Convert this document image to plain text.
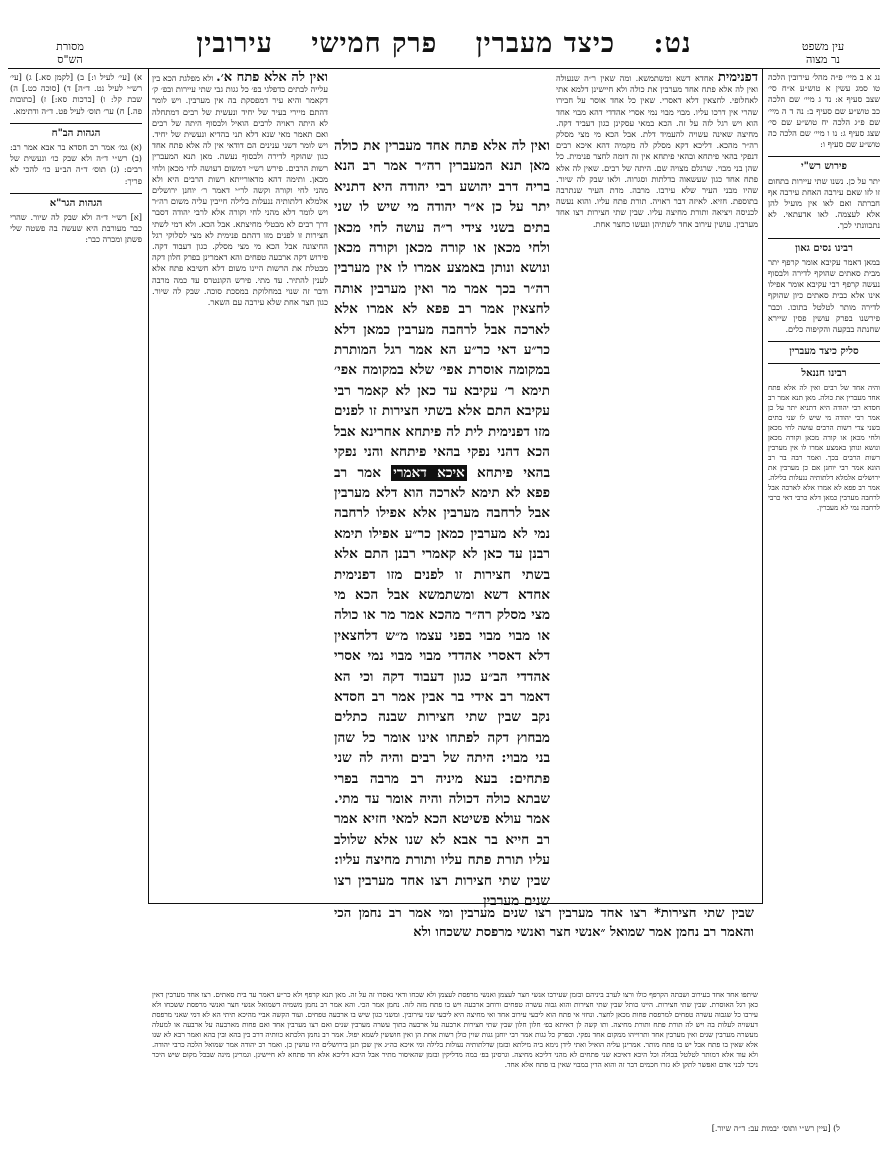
מסורת
הש"ס
נט: כיצד מעברין פרק חמישי עירובין	עין משפט
נר מצוה
נג א ב מיי׳ פ״ה מהל׳ עירובין הלכה טו סמג עשין א טוש״ע א״ח סי׳ שצב סעיף א: נד ג מיי׳ שם הלכה כב טוש״ע שם סעיף ב: נה ד ה מיי׳ שם פ״ג הלכה יח טוש״ע שם סי׳ שצג סעיף ג: נו ו מיי׳ שם הלכה כה טוש״ע שם סעיף ו:
פירוש רש"י
יתר על כן. נשנו שתי עיירות בתחום זו לזו שאם עירבה האחת עירבה אף חברתה ואם לאו אין מועיל להן אלא לעצמה. לאו אדעתאי. לא נתכוונתי לכך.
רבינו נסים גאון
במאן דאמר עקיבא אומר קרפף יתר מבית סאתים שהוקף לדירה ולבסוף נעשה קרפף רבי עקיבא אומר אפילו אינו אלא כבית סאתים כיון שהוקף לדירה מותר לטלטל בתוכו. וכבר פירשנו בפרק עושין פסין שיירא שחנתה בבקעה והקיפוה כלים.
סליק כיצד מעברין
רבינו חננאל
והיה אחד של רבים ואין לה אלא פתח אחד מעברין את כולה. מאן תנא אמר רב חסדא רבי יהודה היא דתניא יתר על כן אמר רבי יהודה מי שיש לו שני בתים בשני צדי רשות הרבים עושה לחי מכאן ולחי מכאן או קורה מכאן וקורה מכאן ונושא ונותן באמצע אמרו לו אין מערבין רשות הרבים בכך. ואמר רבה בר רב הונא אמר רבי יוחנן אם כן מערבין את ירושלים אלמלא דלתותיה ננעלות בלילה. אמר רב פפא לא אמרו אלא לארכה אבל לרחבה מערבין כמאן דלא כרבי דאי כרבי לרחבה נמי לא מעברין.
א) [עי׳ לעיל ו:] ב) [לקמן סא.] ג) [עי׳ רש״י לעיל נט. ד״ה] ד) [סוכה כט.] ה) שבת קל: ו) [ברכות סא:] ז) [כתובות פה.] ח) ער׳ תוס׳ לעיל פט. ד״ה ודתימא.
הגהות הב"ח
(א) גמ׳ אמר רב חסדא בר אבא אמר רב: (ב) רש״י ד״ה ולא שבק כו׳ ונעשית של רבים: (ג) תוס׳ ד״ה הב״ע כו׳ להכי לא פריך:
הגהות הגר"א
[א] רש״י ד״ה ולא שבק לה שיור. שהרי כבר מעורבת היא שעשה בה פשטה שלי פשתן ומכרה כבר:
דפנימית אחדא דשא ומשתמשא. ומה שאין ר״ה שנעולה ואין לה אלא פתח אחד מערבין את כולה ולא חיישינן דלמא אתי לאחלופי. לחצאין דלא דאסרי. שאין כל אחד אוסר על חבירו שהרי אין דרכו עליו. מבוי מבוי נמי אסרי אהדדי דהא מבוי אחד הוא ויש רגל לזה על זה. הכא במאי עסקינן כגון דעביד דקה. מחיצה שאינה עשויה להעמיד דלת. אבל הכא מי מצי מסלק רה״ר מהכא. דליכא דקא מסלק לה מקמיה דהא איכא רבים דנפקי בהאי פיתחא ובהאי פיתחא אין זה דומה לחצר פנימית. כל שהן בני מבוי. שרגלם מצויה שם. היתה של רבים. שאין לה אלא פתח אחד כגון שעשאוה בדלתות וסגרוה. ולאו שבק לה שיור. שהיו מבני העיר שלא עירבו. מרבה. מדת העיר שנתרבה בתוספת. חזיא. לאיזה דבר ראויה. תורת פתח עליו. והוא נעשה לכניסה ויציאה ותורת מחיצה עליו. שבין שתי חצירות רצו אחד מערבין. עושין עירוב אחד לשתיהן ונעשו כחצר אחת.
ואין לה אלא פתח א׳. ולא מפלגת הכא בין עלייה לבתים כדפלגי בפ׳ כל גגות גבי שתי עיירות ובפ׳ ק׳ דקאמר והיא עיר דמפסקת בה אין מערבין. ויש לומר דהתם מיירי בעיר של יחיד ונעשית של רבים דמתחלה לא היתה ראויה לרבים הואיל ולבסוף היתה של רבים ואם תאמר מאי שנא דלא תני בהדיא ונעשית של יחיד. ויש לומר דשני ענינים הם דודאי אין לה אלא פתח אחד כגון שהוקף לדירה ולבסוף נעשה. מאן תנא המעברין רשות הרבים. פירש רש״י דמשום דעושה לחי מכאן ולחי מכאן. ותימה דהא מדאורייתא רשות הרבים היא ולא מהני לחי וקורה וקשה לר״י דאמר ר׳ יוחנן ירושלים אלמלא דלתותיה ננעלות בלילה חייבין עליה משום רה״ר ויש לומר דלא מהני לחי וקורה אלא לרבי יהודה דסבר דרך רבים לא מבטלי מחיצתא. אבל הכא. ולא דמי לשתי חצירות זו לפנים מזו דהתם פנימית לא מצי לסלוקי רגל החיצונה אבל הכא מי מצי מסלק. כגון דעבוד דקה. פירוש דקה ארבעה טפחים והא דאמרינן בפרק חלון דקה מבטלת את הרשות היינו משום דלא חשיבא פתח אלא לענין להתיר. עד מתי. פירש הקונטרס עד כמה מרבה ודבר זה שנוי במחלוקת במסכת סוכה. שבק לה שיור. כגון חצר אחת שלא עירבה עם השאר.
ואין לה אלא פתח אחד מעברין את כולה מאן תנא המעברין רה״ר אמר רב הנא בריה דרב יהושע רבי יהודה היא דתניא יתר על כן א״ר יהודה מי שיש לו שני בתים בשני צידי ר״ה עושה לחי מכאן ולחי מכאן או קורה מכאן וקורה מכאן ונושא ונותן באמצע אמרו לו אין מערבין רה״ר בכך אמר מר ואין מערבין אותה לחצאין אמר רב פפא לא אמרו אלא לארכה אבל לרחבה מערבין כמאן דלא כר״ע דאי כר״ע הא אמר רגל המותרת במקומה אוסרת אפי׳ שלא במקומה אפי׳ תימא ר׳ עקיבא עד כאן לא קאמר רבי עקיבא התם אלא בשתי חצירות זו לפנים מזו דפנימית לית לה פיתחא אחרינא אבל הכא דהני נפקי בהאי פיתחא והני נפקי בהאי פיתחא איכא דאמרי אמר רב פפא לא תימא לארכה הוא דלא מערבין אבל לרחבה מערבין אלא אפילו לרחבה נמי לא מערבין כמאן כר״ע אפילו תימא רבנן עד כאן לא קאמרי רבנן התם אלא בשתי חצירות זו לפנים מזו דפנימית אחדא דשא ומשתמשא אבל הכא מי מצי מסלק רה״ר מהכא אמר מר או כולה או מבוי מבוי בפני עצמו מ״ש דלחצאין דלא דאסרי אהדדי מבוי מבוי נמי אסרי אהדדי הב״ע כגון דעבוד דקה וכי הא דאמר רב אידי בר אבין אמר רב חסדא נקב שבין שתי חצירות שבנה כתלים מבחוץ דקה לפתחו אינו אומר כל שהן בני מבוי: היתה של רבים והיה לה שני פתחים: בעא מיניה רב מרבה בפרי שבתא כולה דכולה והיה אומר עד מתי. אמר עולא פשיטא הכא למאי חזיא אמר רב חייא בר אבא לא שנו אלא שלולב עליו תורת פתח עליו ותורת מחיצה עליו: שבין שתי חצירות רצו אחד מערבין רצו שנים מערבין
שבין שתי חצירות* רצו אחד מערבין רצו שנים מערבין ומי אמר רב נחמן הכי והאמר רב נחמן אמר שמואל ״אנשי חצר ואנשי מרפסת ששכחו ולא
שיתפו אחד אחד בעירוב ושבתה הקרפף כולו ורצו לערב ביניהם ובזמן שעירבו אנשי חצר לעצמן ואנשי מרפסת לעצמן ולא שכחו ודאי נאסרו זה על זה. מאן תנא קרפף ולא כר״ע דאמר עד בית סאתים. רצו אחד מערבין דאין כאן רגל האוסרת. שבין שתי חצירות. היינו כותל שבין שתי חצירות והוא גבוה עשרה טפחים ורוחב ארבעה ויש בו פתח מזה לזה. נחמן אמר הכי. והא אמר רב נחמן משמיה דשמואל אנשי חצר ואנשי מרפסת ששכחו ולא עירבו כל שגבוה עשרה טפחים למרפסת פחות מכאן לחצר. ונחזי אי פתח הוא ליבעי עירוב אחד ואי מחיצה היא ליבעי שני עירובין. ומשני כגון שיש בו ארבעה טפחים. ועוד הקשה אביי מהיכא תיתי הא לא דמי שאני מרפסת דעשויה לעלות בה ויש לה תורת פתח ותורת מחיצה. ותו קשה לן דאיתא בפ׳ חלון חלון שבין שתי חצירות ארבעה על ארבעה בתוך עשרה מערבין שנים ואם רצו מערבין אחד ואם פחות מארבעה על ארבעה או למעלה מעשרה מערבין שנים ואין מערבין אחד ותרוייהו ממקום אחד נפקי. ובפרק כל גגות אמר רבי יוחנן גגות שוין כולן רשות אחת הן ואין חוששין לשמא יפול. אמר רב נחמן הלכתא כוותיה דרב בין בהא ובין בהא ואמר רבא לא שנו אלא שאין בו פתח אבל יש בו פתח מותר. אמרינן עליה הואיל ואתי לידן נימא ביה מילתא ובזמן שדלתותיה נעולות בלילה ומי איכא כה״ג אין שכן תנן בירושלים היו עושין כן. ואמר רב יהודה אמר שמואל הלכה כרבי יהודה. ולא עוד אלא דמותר לטלטל בכולה וכל היכא דאיכא שני פתחים לא מהני דליכא מחיצה. וגרסינן בפ׳ במה מדליקין ובזמן שהאיסור מתיר אבל היכא דליכא אלא חד פתחא לא חיישינן. וגמרינן מינה שבכל מקום שיש היכר ניכר לבני אדם ואפשר לתקן לא גזרו חכמים דבר זה והוא הדין במבוי שאין בו פתח אלא אחד.
ל) [עיין רש״י ותוס׳ יבמות עב: ד״ה שיור.]
